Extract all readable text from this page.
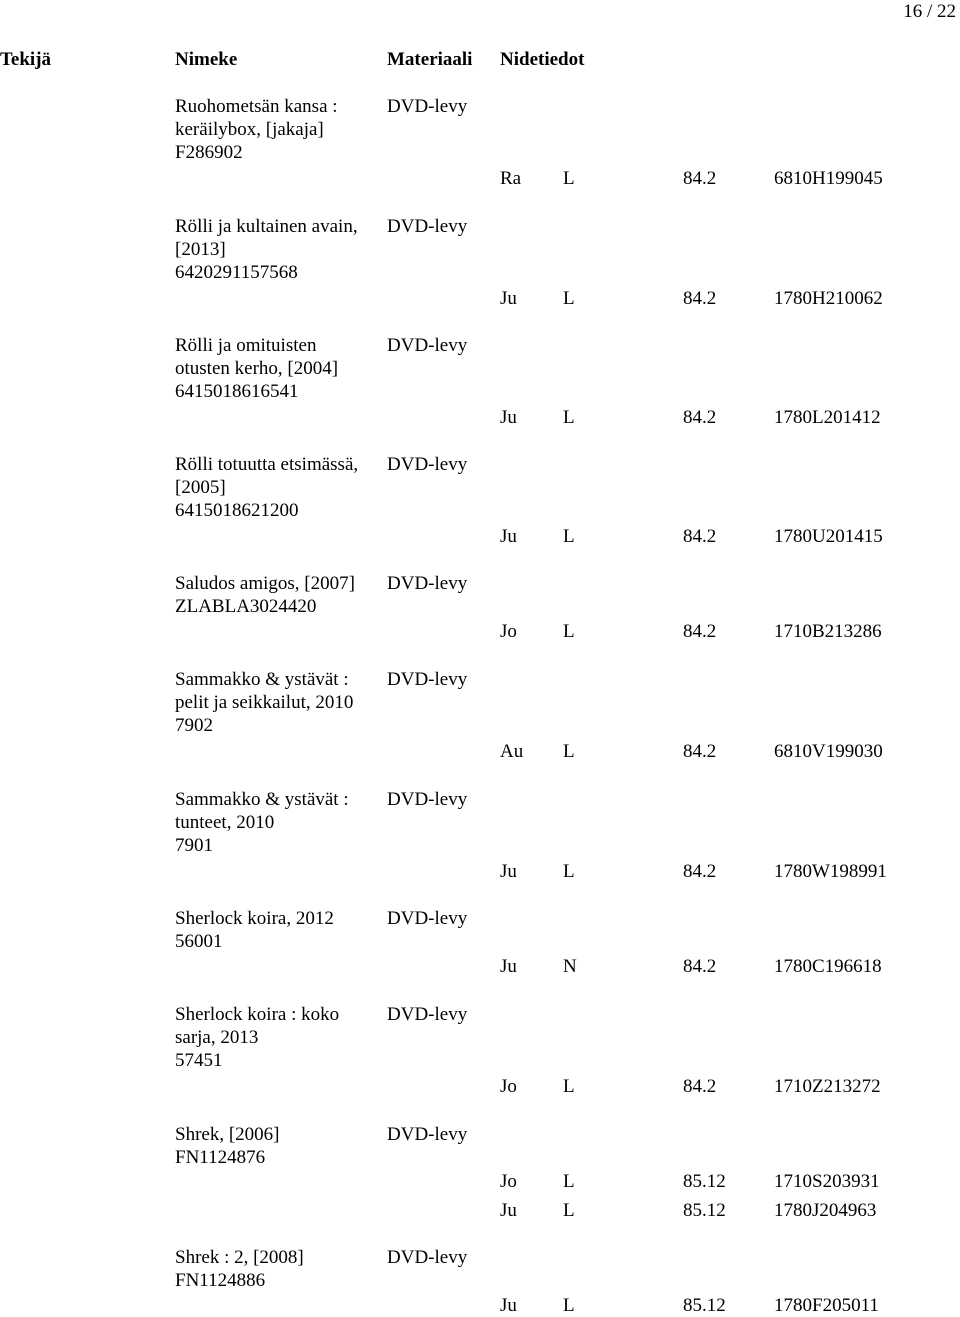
16 / 22
Tekijä	Nimeke	Materiaali Nidetiedot
Ruohometsän kansa :
keräilybox, [jakaja]
F286902
DVD-levy
Ra L	84.2	6810H199045
Rölli ja kultainen avain,
[2013]
6420291157568
DVD-levy
Ju L	84.2	1780H210062
Rölli ja omituisten
otusten kerho, [2004]
6415018616541
DVD-levy
Ju L	84.2	1780L201412
Rölli totuutta etsimässä,
[2005]
6415018621200
DVD-levy
Ju L	84.2	1780U201415
Saludos amigos, [2007]
ZLABLA3024420
DVD-levy
Jo L	84.2	1710B213286
Sammakko & ystävät :
pelit ja seikkailut, 2010
7902
DVD-levy
Au L	84.2	6810V199030
Sammakko & ystävät :
tunteet, 2010
7901
DVD-levy
Ju L	84.2	1780W198991
Sherlock koira, 2012
56001
DVD-levy
Ju N	84.2	1780C196618
Sherlock koira : koko
sarja, 2013
57451
DVD-levy
Jo L	84.2	1710Z213272
Shrek, [2006]
FN1124876
DVD-levy
Jo L	85.12	1710S203931
Ju L	85.12	1780J204963
Shrek : 2, [2008]
FN1124886
DVD-levy
Ju L	85.12	1780F205011
